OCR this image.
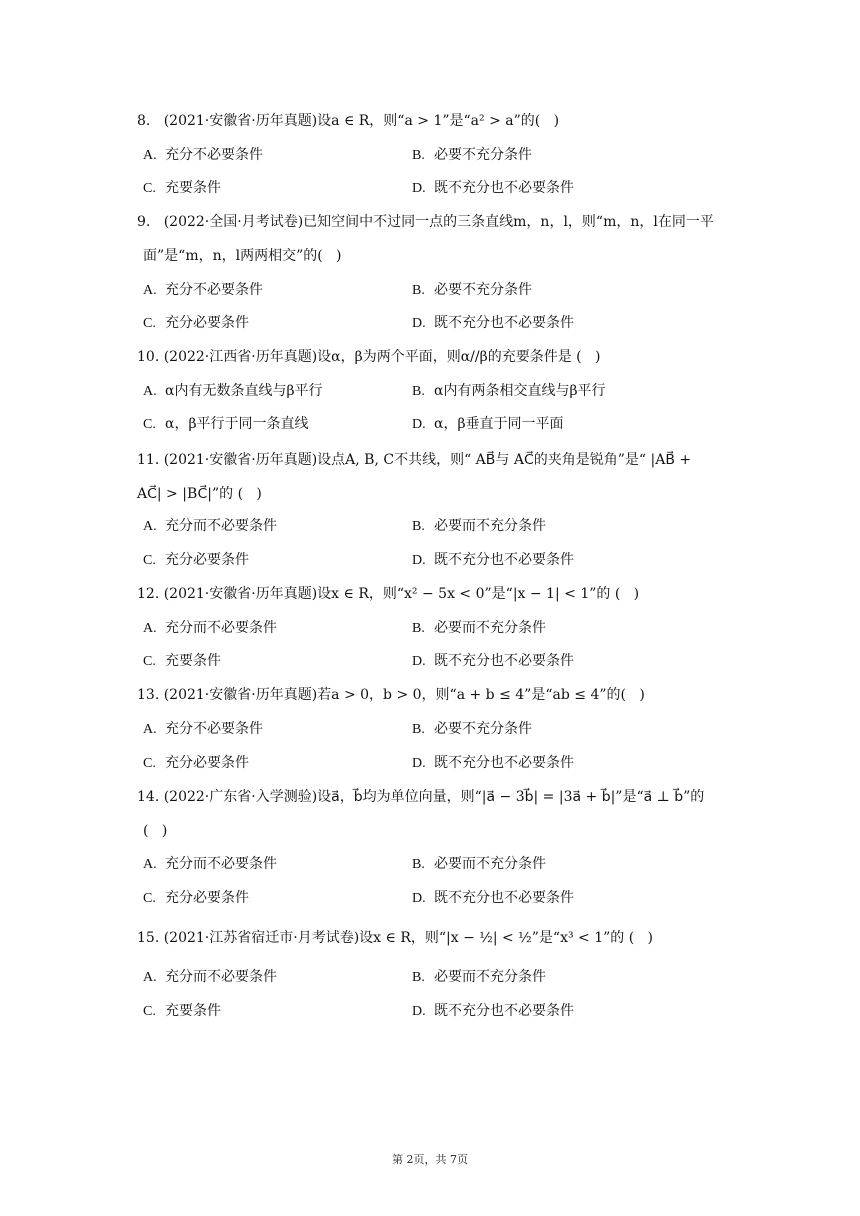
8.   (2021·安徽省·历年真题)设a ∈ R，则“a > 1”是“a² > a”的(   )
A. 充分不必要条件	B. 必要不充分条件
C. 充要条件	D. 既不充分也不必要条件
9.   (2022·全国·月考试卷)已知空间中不过同一点的三条直线m，n，l，则“m，n，l在同一平
面”是“m，n，l两两相交”的(   )
A. 充分不必要条件	B. 必要不充分条件
C. 充分必要条件	D. 既不充分也不必要条件
10. (2022·江西省·历年真题)设α，β为两个平面，则α//β的充要条件是 (   )
A. α内有无数条直线与β平行	B. α内有两条相交直线与β平行
C. α，β平行于同一条直线	D. α，β垂直于同一平面
11. (2021·安徽省·历年真题)设点A, B, C不共线，则“ AB⃗与 AC⃗的夹角是锐角”是“ |AB⃗ +
AC⃗| > |BC⃗|”的 (   )
A. 充分而不必要条件	B. 必要而不充分条件
C. 充分必要条件	D. 既不充分也不必要条件
12. (2021·安徽省·历年真题)设x ∈ R，则“x² − 5x < 0”是“|x − 1| < 1”的 (   )
A. 充分而不必要条件	B. 必要而不充分条件
C. 充要条件	D. 既不充分也不必要条件
13. (2021·安徽省·历年真题)若a > 0，b > 0，则“a + b ≤ 4”是“ab ≤ 4”的(   )
A. 充分不必要条件	B. 必要不充分条件
C. 充分必要条件	D. 既不充分也不必要条件
14. (2022·广东省·入学测验)设a⃗，b⃗均为单位向量，则“|a⃗ − 3b⃗| = |3a⃗ + b⃗|”是“a⃗ ⊥ b⃗”的
(   )
A. 充分而不必要条件	B. 必要而不充分条件
C. 充分必要条件	D. 既不充分也不必要条件
15. (2021·江苏省宿迁市·月考试卷)设x ∈ R，则“|x − ½| < ½”是“x³ < 1”的 (   )
A. 充分而不必要条件	B. 必要而不充分条件
C. 充要条件	D. 既不充分也不必要条件
第 2页，共 7页
